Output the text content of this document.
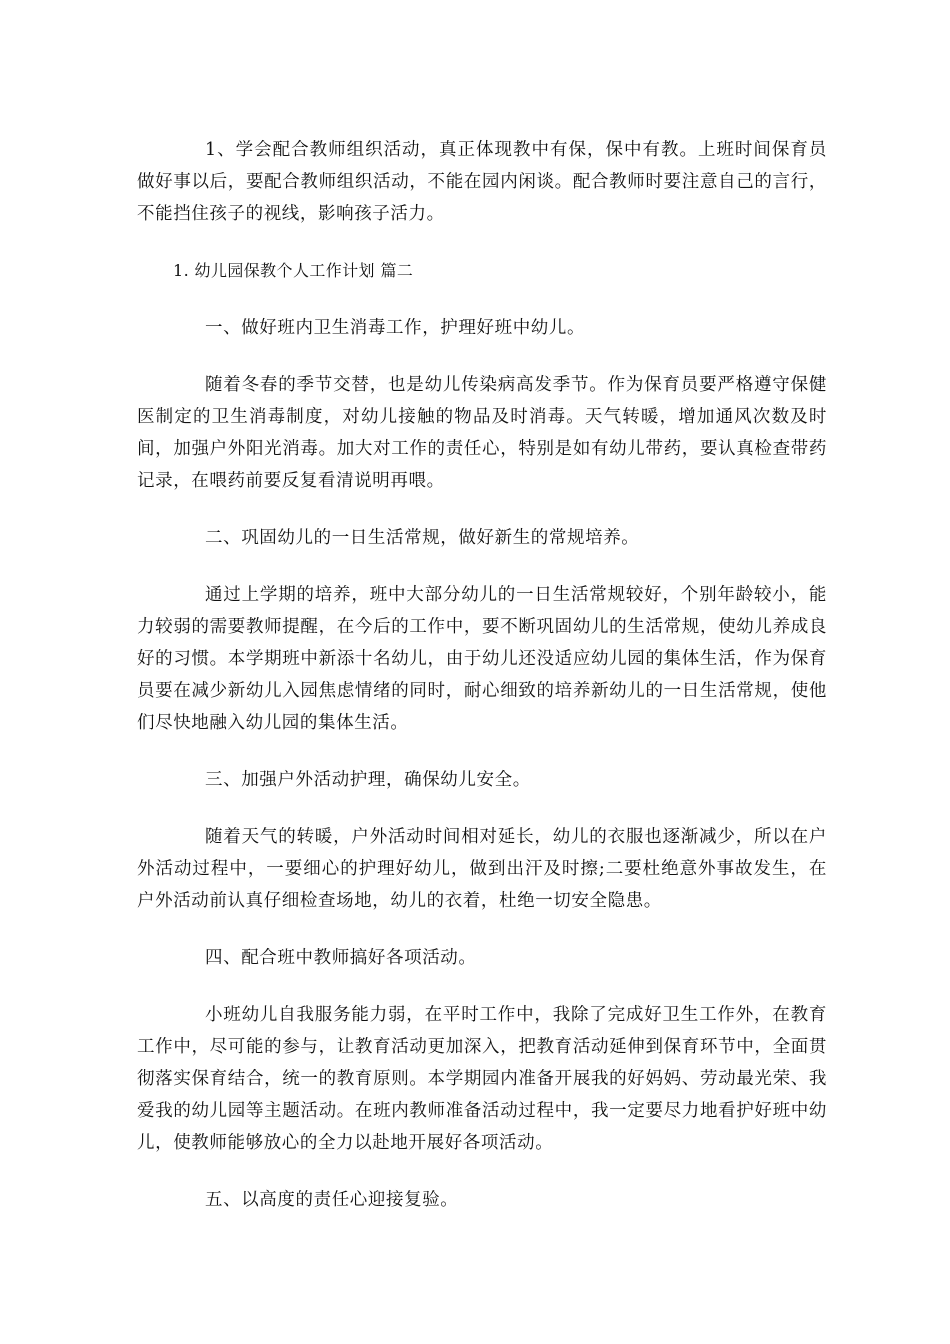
1、学会配合教师组织活动，真正体现教中有保，保中有教。上班时间保育员做好事以后，要配合教师组织活动，不能在园内闲谈。配合教师时要注意自己的言行，不能挡住孩子的视线，影响孩子活力。

1. 幼儿园保教个人工作计划 篇二

一、做好班内卫生消毒工作，护理好班中幼儿。

随着冬春的季节交替，也是幼儿传染病高发季节。作为保育员要严格遵守保健医制定的卫生消毒制度，对幼儿接触的物品及时消毒。天气转暖，增加通风次数及时间，加强户外阳光消毒。加大对工作的责任心，特别是如有幼儿带药，要认真检查带药记录，在喂药前要反复看清说明再喂。

二、巩固幼儿的一日生活常规，做好新生的常规培养。

通过上学期的培养，班中大部分幼儿的一日生活常规较好，个别年龄较小，能力较弱的需要教师提醒，在今后的工作中，要不断巩固幼儿的生活常规，使幼儿养成良好的习惯。本学期班中新添十名幼儿，由于幼儿还没适应幼儿园的集体生活，作为保育员要在减少新幼儿入园焦虑情绪的同时，耐心细致的培养新幼儿的一日生活常规，使他们尽快地融入幼儿园的集体生活。

三、加强户外活动护理，确保幼儿安全。

随着天气的转暖，户外活动时间相对延长，幼儿的衣服也逐渐减少，所以在户外活动过程中，一要细心的护理好幼儿，做到出汗及时擦;二要杜绝意外事故发生，在户外活动前认真仔细检查场地，幼儿的衣着，杜绝一切安全隐患。

四、配合班中教师搞好各项活动。

小班幼儿自我服务能力弱，在平时工作中，我除了完成好卫生工作外，在教育工作中，尽可能的参与，让教育活动更加深入，把教育活动延伸到保育环节中，全面贯彻落实保育结合，统一的教育原则。本学期园内准备开展我的好妈妈、劳动最光荣、我爱我的幼儿园等主题活动。在班内教师准备活动过程中，我一定要尽力地看护好班中幼儿，使教师能够放心的全力以赴地开展好各项活动。

五、以高度的责任心迎接复验。
